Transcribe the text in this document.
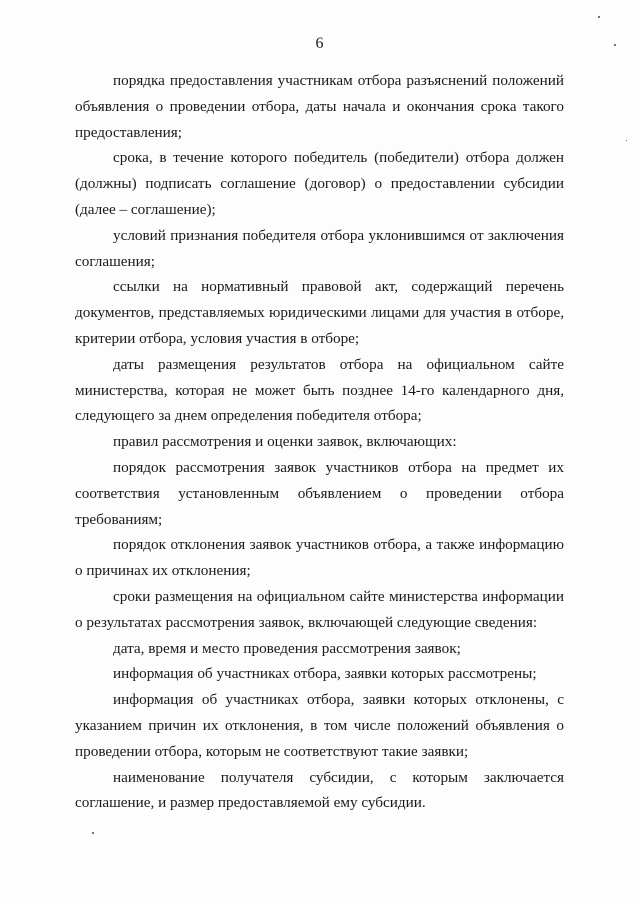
6

порядка предоставления участникам отбора разъяснений положений объявления о проведении отбора, даты начала и окончания срока такого предоставления;

срока, в течение которого победитель (победители) отбора должен (должны) подписать соглашение (договор) о предоставлении субсидии (далее – соглашение);

условий признания победителя отбора уклонившимся от заключения соглашения;

ссылки на нормативный правовой акт, содержащий перечень документов, представляемых юридическими лицами для участия в отборе, критерии отбора, условия участия в отборе;

даты размещения результатов отбора на официальном сайте министерства, которая не может быть позднее 14-го календарного дня, следующего за днем определения победителя отбора;

правил рассмотрения и оценки заявок, включающих:

порядок рассмотрения заявок участников отбора на предмет их соответствия установленным объявлением о проведении отбора требованиям;

порядок отклонения заявок участников отбора, а также информацию о причинах их отклонения;

сроки размещения на официальном сайте министерства информации о результатах рассмотрения заявок, включающей следующие сведения:

дата, время и место проведения рассмотрения заявок;

информация об участниках отбора, заявки которых рассмотрены;

информация об участниках отбора, заявки которых отклонены, с указанием причин их отклонения, в том числе положений объявления о проведении отбора, которым не соответствуют такие заявки;

наименование получателя субсидии, с которым заключается соглашение, и размер предоставляемой ему субсидии.
